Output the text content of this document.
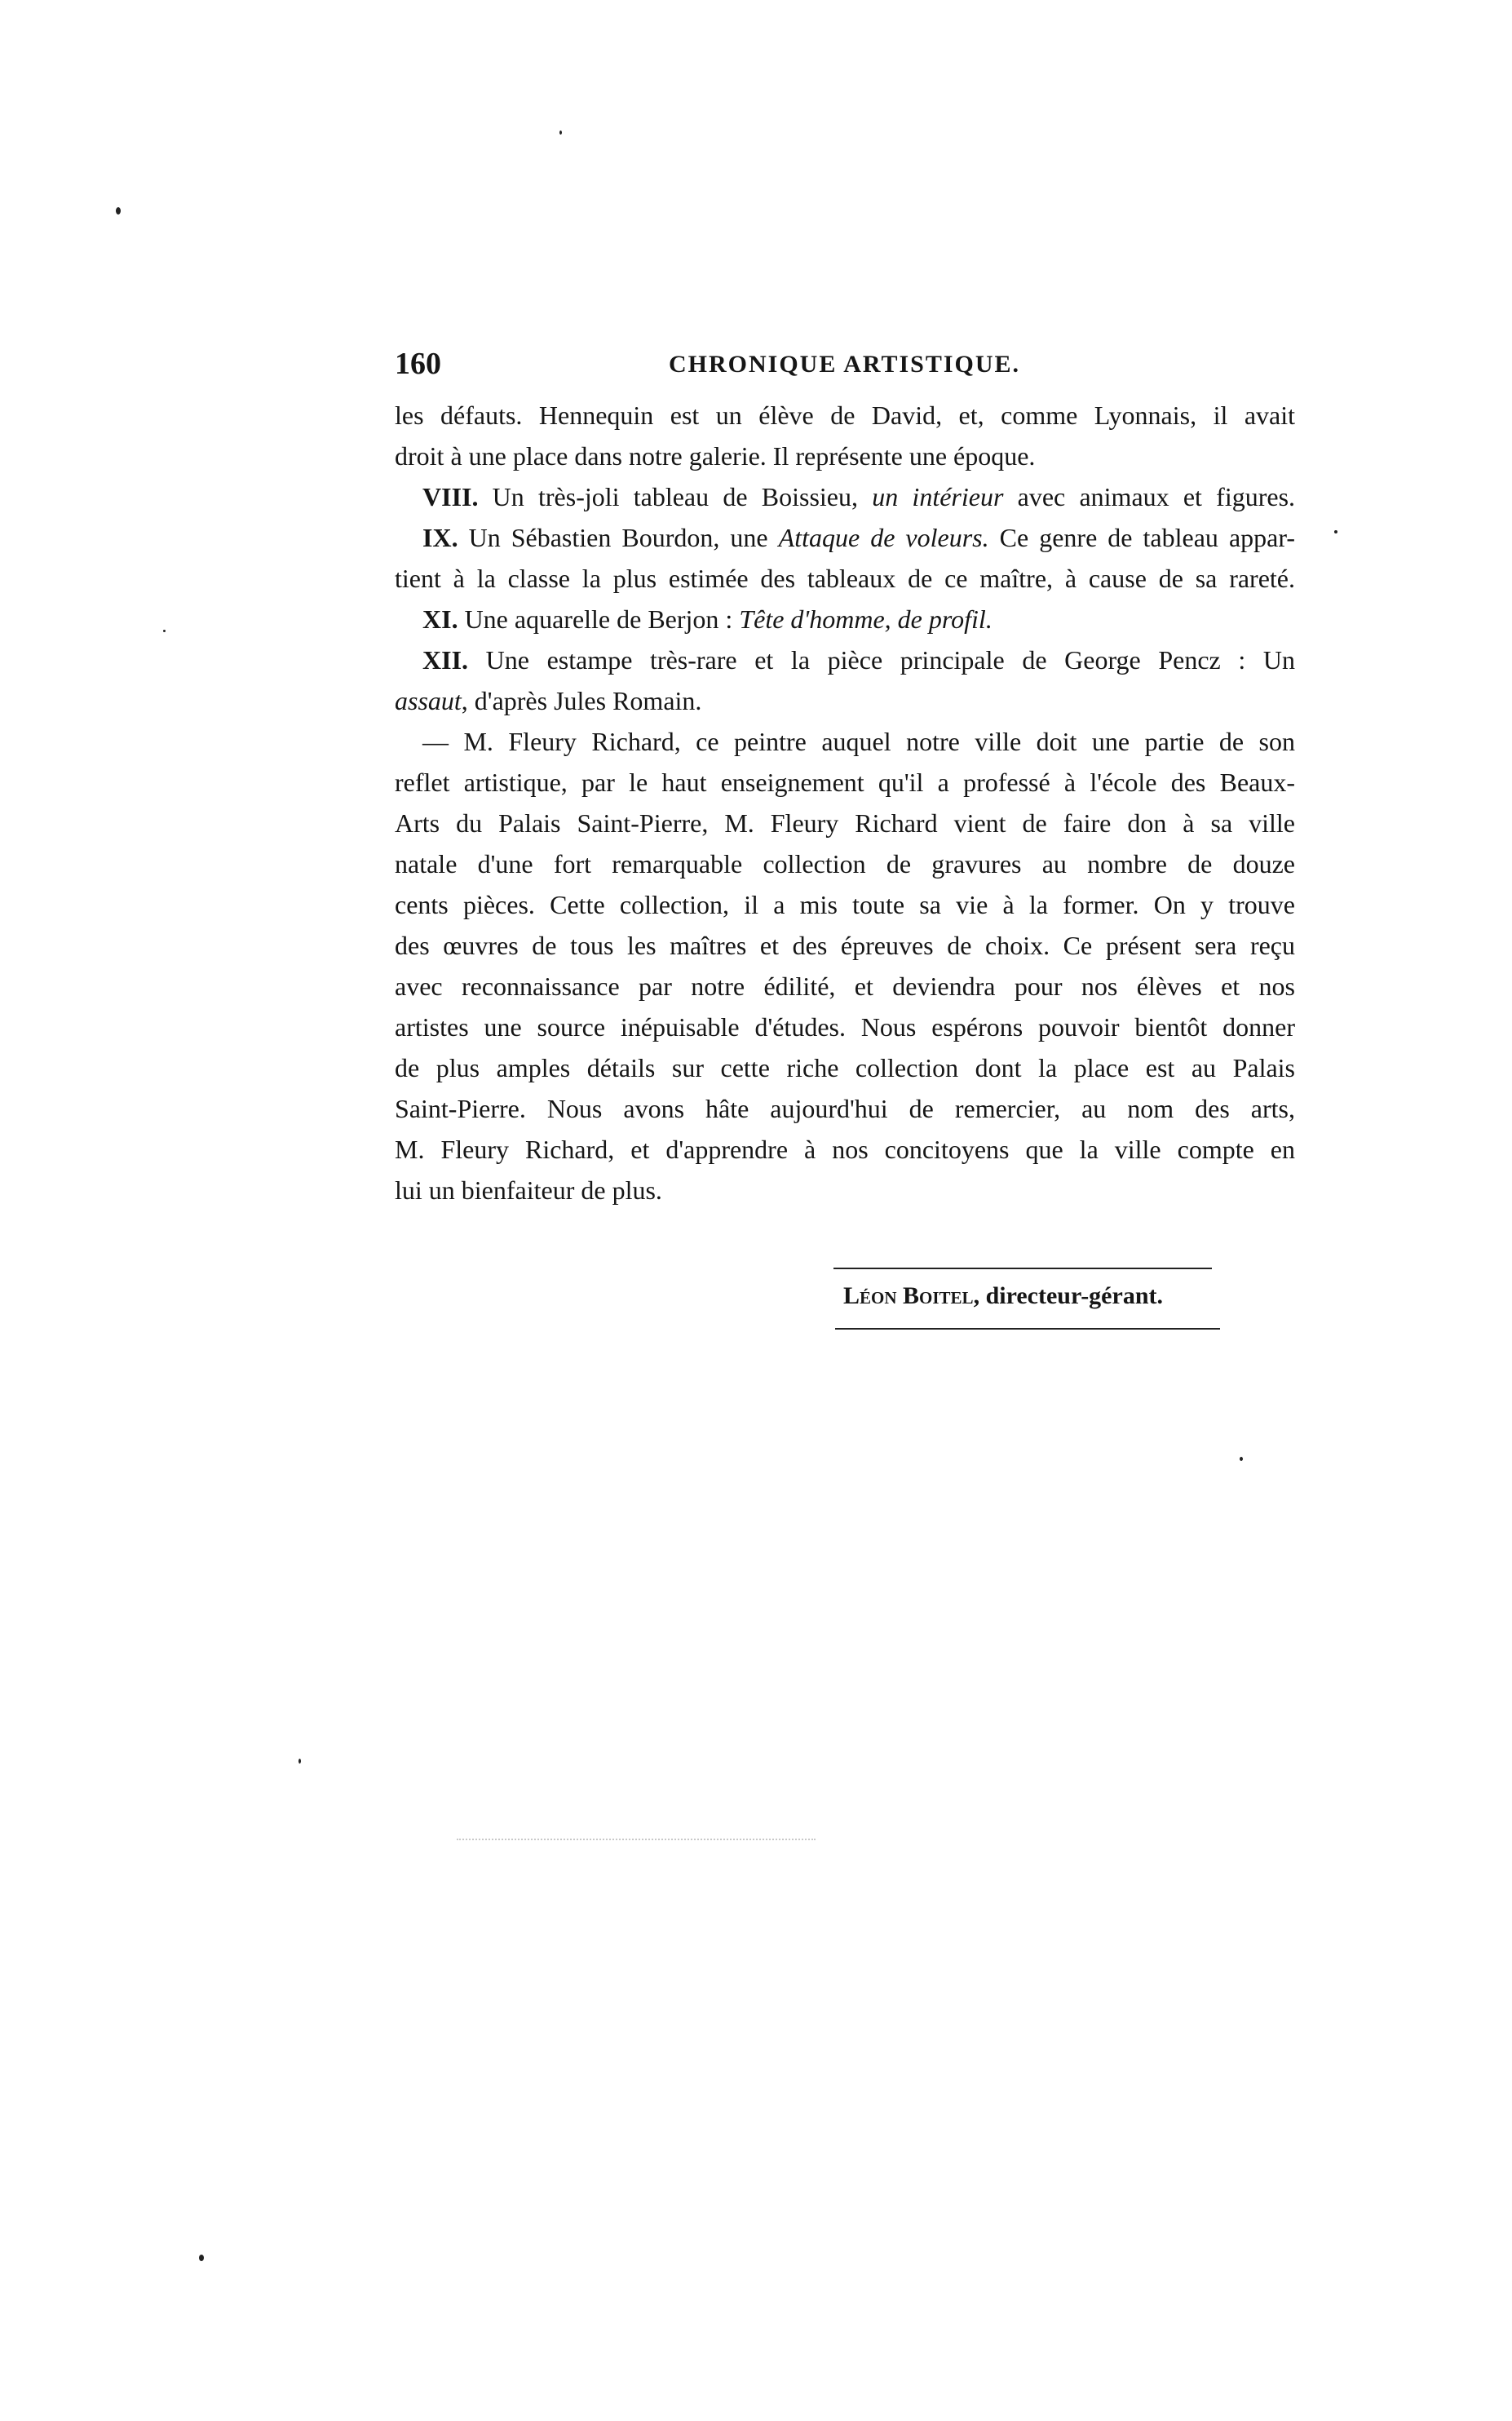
160	CHRONIQUE ARTISTIQUE.
les défauts. Hennequin est un élève de David, et, comme Lyonnais, il avait
droit à une place dans notre galerie. Il représente une époque.
VIII. Un très-joli tableau de Boissieu, un intérieur avec animaux et figures.
IX. Un Sébastien Bourdon, une Attaque de voleurs. Ce genre de tableau appar-
tient à la classe la plus estimée des tableaux de ce maître, à cause de sa rareté.
XI. Une aquarelle de Berjon : Tête d'homme, de profil.
XII. Une estampe très-rare et la pièce principale de George Pencz : Un
assaut, d'après Jules Romain.
— M. Fleury Richard, ce peintre auquel notre ville doit une partie de son
reflet artistique, par le haut enseignement qu'il a professé à l'école des Beaux-
Arts du Palais Saint-Pierre, M. Fleury Richard vient de faire don à sa ville
natale d'une fort remarquable collection de gravures au nombre de douze
cents pièces. Cette collection, il a mis toute sa vie à la former. On y trouve
des œuvres de tous les maîtres et des épreuves de choix. Ce présent sera reçu
avec reconnaissance par notre édilité, et deviendra pour nos élèves et nos
artistes une source inépuisable d'études. Nous espérons pouvoir bientôt donner
de plus amples détails sur cette riche collection dont la place est au Palais
Saint-Pierre. Nous avons hâte aujourd'hui de remercier, au nom des arts,
M. Fleury Richard, et d'apprendre à nos concitoyens que la ville compte en
lui un bienfaiteur de plus.
Léon Boitel, directeur-gérant.
